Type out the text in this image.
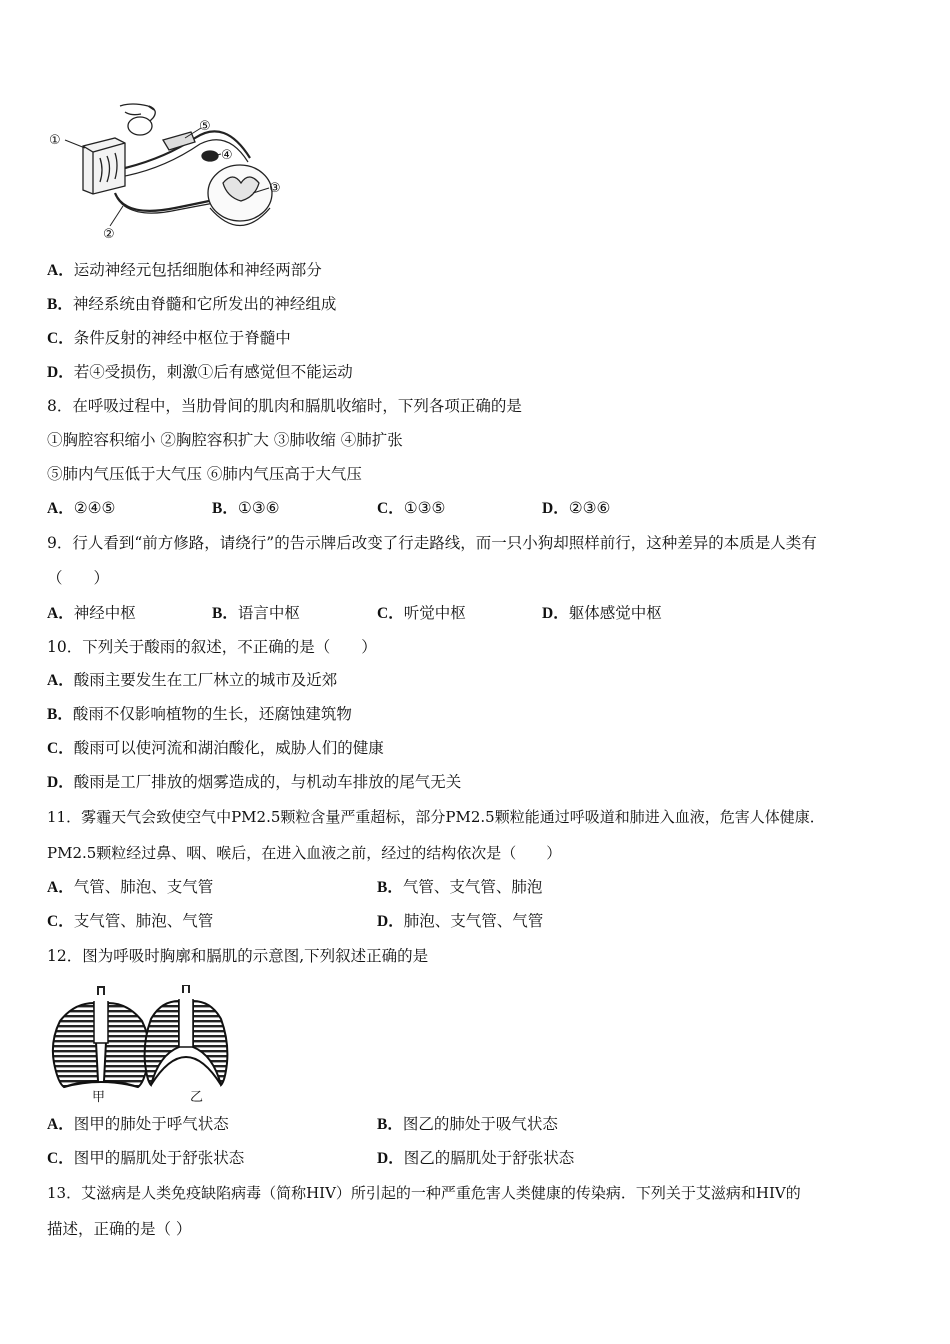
①
②
③
④
⑤
A．运动神经元包括细胞体和神经两部分
B．神经系统由脊髓和它所发出的神经组成
C．条件反射的神经中枢位于脊髓中
D．若④受损伤，刺激①后有感觉但不能运动
8．在呼吸过程中，当肋骨间的肌肉和膈肌收缩时，下列各项正确的是
①胸腔容积缩小 ②胸腔容积扩大 ③肺收缩 ④肺扩张
⑤肺内气压低于大气压 ⑥肺内气压高于大气压
A．②④⑤	B．①③⑥	C．①③⑤	D．②③⑥
9．行人看到“前方修路，请绕行”的告示牌后改变了行走路线，而一只小狗却照样前行，这种差异的本质是人类有
（　　）
A．神经中枢	B．语言中枢	C．听觉中枢	D．躯体感觉中枢
10．下列关于酸雨的叙述，不正确的是（　　）
A．酸雨主要发生在工厂林立的城市及近郊
B．酸雨不仅影响植物的生长，还腐蚀建筑物
C．酸雨可以使河流和湖泊酸化，威胁人们的健康
D．酸雨是工厂排放的烟雾造成的，与机动车排放的尾气无关
11．雾霾天气会致使空气中PM2.5颗粒含量严重超标，部分PM2.5颗粒能通过呼吸道和肺进入血液，危害人体健康．
PM2.5颗粒经过鼻、咽、喉后，在进入血液之前，经过的结构依次是（　　）
A．气管、肺泡、支气管	B．气管、支气管、肺泡
C．支气管、肺泡、气管	D．肺泡、支气管、气管
12．图为呼吸时胸廓和膈肌的示意图,下列叙述正确的是
甲	乙
A．图甲的肺处于呼气状态	B．图乙的肺处于吸气状态
C．图甲的膈肌处于舒张状态	D．图乙的膈肌处于舒张状态
13．艾滋病是人类免疫缺陷病毒（简称HIV）所引起的一种严重危害人类健康的传染病．下列关于艾滋病和HIV的
描述，正确的是（ ）
